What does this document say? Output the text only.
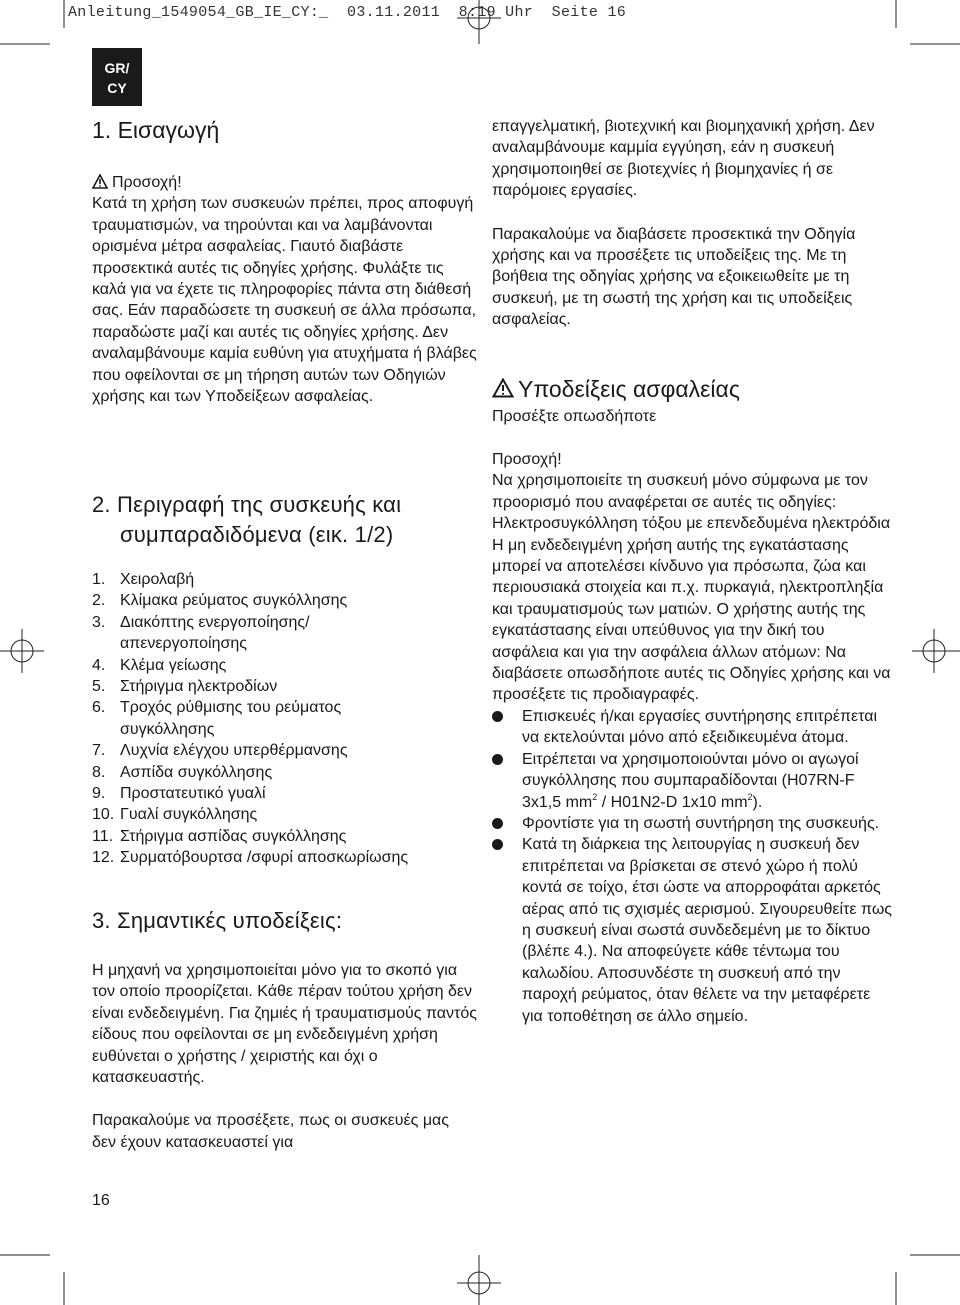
Anleitung_1549054_GB_IE_CY:_  03.11.2011  8:19 Uhr  Seite 16
GR/
CY
1. Εισαγωγή

Προσοχή!

Κατά τη χρήση των συσκευών πρέπει, προς αποφυγή τραυματισμών, να τηρούνται και να λαμβάνονται ορισμένα μέτρα ασφαλείας. Γιαυτό διαβάστε προσεκτικά αυτές τις οδηγίες χρήσης. Φυλάξτε τις καλά για να έχετε τις πληροφορίες πάντα στη διάθεσή σας. Εάν παραδώσετε τη συσκευή σε άλλα πρόσωπα, παραδώστε μαζί και αυτές τις οδηγίες χρήσης. Δεν αναλαμβάνουμε καμία ευθύνη για ατυχήματα ή βλάβες που οφείλονται σε μη τήρηση αυτών των Οδηγιών χρήσης και των Υποδείξεων ασφαλείας.

2. Περιγραφή της συσκευής και
συμπαραδιδόμενα (εικ. 1/2)
1. Χειρολαβή
2. Κλίμακα ρεύματος συγκόλλησης
3. Διακόπτης ενεργοποίησης/απενεργοποίησης
4. Κλέμα γείωσης
5. Στήριγμα ηλεκτροδίων
6. Τροχός ρύθμισης του ρεύματος συγκόλλησης
7. Λυχνία ελέγχου υπερθέρμανσης
8. Ασπίδα συγκόλλησης
9. Προστατευτικό γυαλί
10. Γυαλί συγκόλλησης
11. Στήριγμα ασπίδας συγκόλλησης
12. Συρματόβουρτσα /σφυρί αποσκωρίωσης
3. Σημαντικές υποδείξεις:

Η μηχανή να χρησιμοποιείται μόνο για το σκοπό για τον οποίο προορίζεται. Κάθε πέραν τούτου χρήση δεν είναι ενδεδειγμένη. Για ζημιές ή τραυματισμούς παντός είδους που οφείλονται σε μη ενδεδειγμένη χρήση ευθύνεται ο χρήστης / χειριστής και όχι ο κατασκευαστής.

Παρακαλούμε να προσέξετε, πως οι συσκευές μας δεν έχουν κατασκευαστεί για

επαγγελματική, βιοτεχνική και βιομηχανική χρήση. Δεν αναλαμβάνουμε καμμία εγγύηση, εάν η συσκευή χρησιμοποιηθεί σε βιοτεχνίες ή βιομηχανίες ή σε παρόμοιες εργασίες.

Παρακαλούμε να διαβάσετε προσεκτικά την Οδηγία χρήσης και να προσέξετε τις υποδείξεις της. Με τη βοήθεια της οδηγίας χρήσης να εξοικειωθείτε με τη συσκευή, με τη σωστή της χρήση και τις υποδείξεις ασφαλείας.

Υποδείξεις ασφαλείας

Προσέξτε οπωσδήποτε

Προσοχή!

Να χρησιμοποιείτε τη συσκευή μόνο σύμφωνα με τον προορισμό που αναφέρεται σε αυτές τις οδηγίες: Ηλεκτροσυγκόλληση τόξου με επενδεδυμένα ηλεκτρόδια Η μη ενδεδειγμένη χρήση αυτής της εγκατάστασης μπορεί να αποτελέσει κίνδυνο για πρόσωπα, ζώα και περιουσιακά στοιχεία και π.χ. πυρκαγιά, ηλεκτροπληξία και τραυματισμούς των ματιών. Ο χρήστης αυτής της εγκατάστασης είναι υπεύθυνος για την δική του ασφάλεια και για την ασφάλεια άλλων ατόμων: Να διαβάσετε οπωσδήποτε αυτές τις Οδηγίες χρήσης και να προσέξετε τις προδιαγραφές.

Επισκευές ή/και εργασίες συντήρησης επιτρέπεται να εκτελούνται μόνο από εξειδικευμένα άτομα.
Ειτρέπεται να χρησιμοποιούνται μόνο οι αγωγοί συγκόλλησης που συμπαραδίδονται (H07RN-F 3x1,5 $mm^2 / H01N2-D$ 1x10 $mm^2$).
Φροντίστε για τη σωστή συντήρηση της συσκευής.
Κατά τη διάρκεια της λειτουργίας η συσκευή δεν επιτρέπεται να βρίσκεται σε στενό χώρο ή πολύ κοντά σε τοίχο, έτσι ώστε να απορροφάται αρκετός αέρας από τις σχισμές αερισμού. Σιγουρευθείτε πως η συσκευή είναι σωστά συνδεδεμένη με το δίκτυο (βλέπε 4.). Να αποφεύγετε κάθε τέντωμα του καλωδίου. Αποσυνδέστε τη συσκευή από την παροχή ρεύματος, όταν θέλετε να την μεταφέρετε για τοποθέτηση σε άλλο σημείο.
16
